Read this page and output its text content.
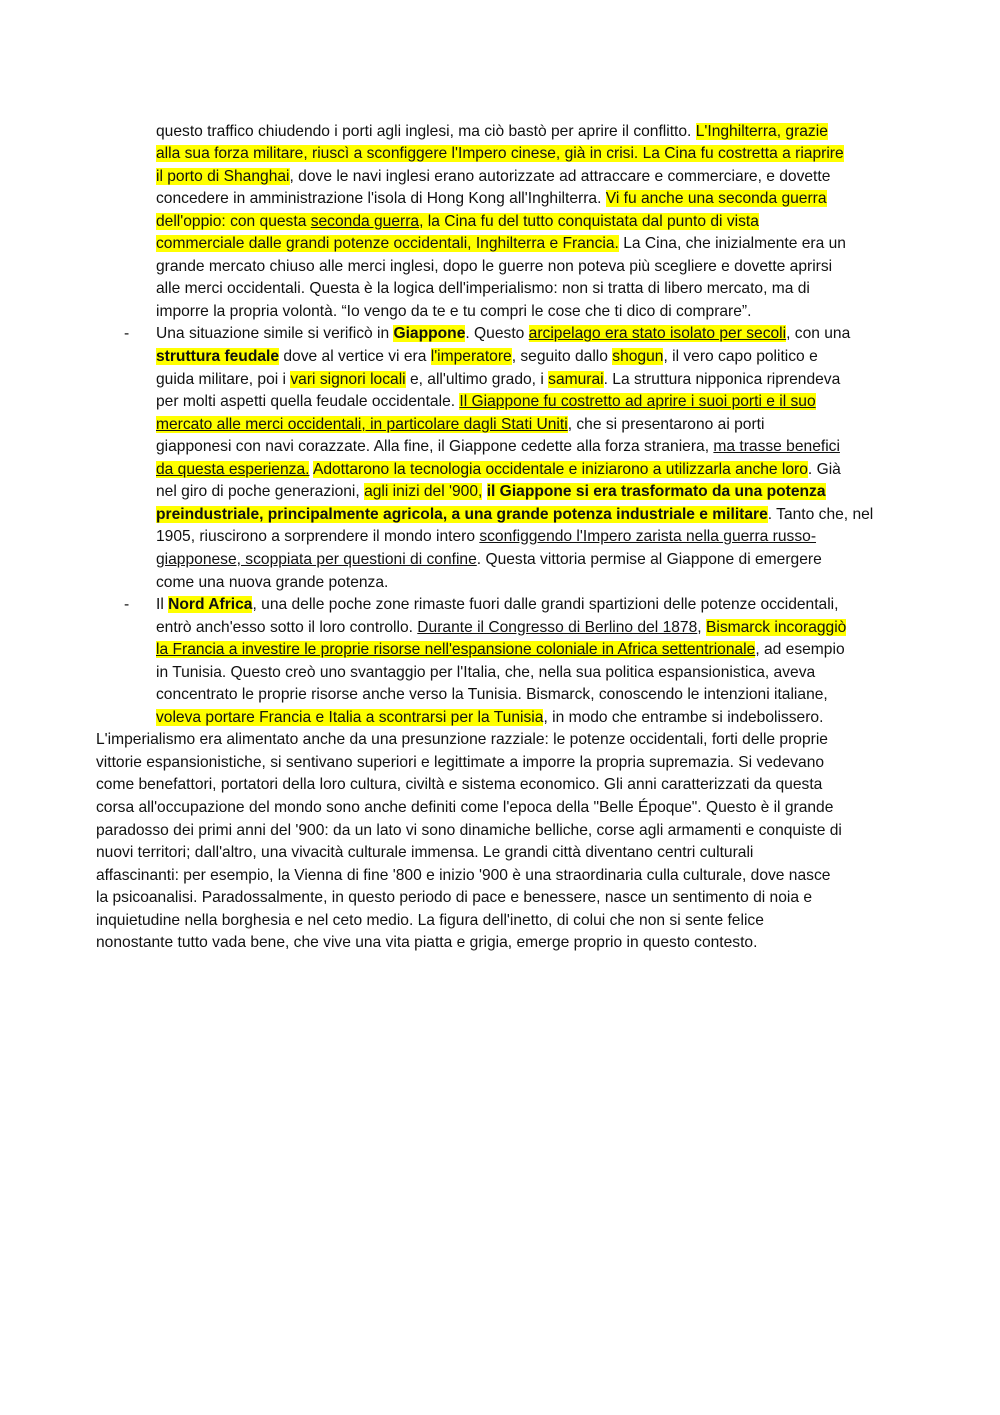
questo traffico chiudendo i porti agli inglesi, ma ciò bastò per aprire il conflitto. L'Inghilterra, grazie
alla sua forza militare, riuscì a sconfiggere l'Impero cinese, già in crisi. La Cina fu costretta a riaprire
il porto di Shanghai, dove le navi inglesi erano autorizzate ad attraccare e commerciare, e dovette
concedere in amministrazione l'isola di Hong Kong all'Inghilterra. Vi fu anche una seconda guerra
dell'oppio: con questa seconda guerra, la Cina fu del tutto conquistata dal punto di vista
commerciale dalle grandi potenze occidentali, Inghilterra e Francia. La Cina, che inizialmente era un
grande mercato chiuso alle merci inglesi, dopo le guerre non poteva più scegliere e dovette aprirsi
alle merci occidentali. Questa è la logica dell'imperialismo: non si tratta di libero mercato, ma di
imporre la propria volontà. “Io vengo da te e tu compri le cose che ti dico di comprare”.
Una situazione simile si verificò in Giappone. Questo arcipelago era stato isolato per secoli, con una
struttura feudale dove al vertice vi era l'imperatore, seguito dallo shogun, il vero capo politico e
guida militare, poi i vari signori locali e, all'ultimo grado, i samurai. La struttura nipponica riprendeva
per molti aspetti quella feudale occidentale. Il Giappone fu costretto ad aprire i suoi porti e il suo
mercato alle merci occidentali, in particolare dagli Stati Uniti, che si presentarono ai porti
giapponesi con navi corazzate. Alla fine, il Giappone cedette alla forza straniera, ma trasse benefici
da questa esperienza. Adottarono la tecnologia occidentale e iniziarono a utilizzarla anche loro. Già
nel giro di poche generazioni, agli inizi del '900, il Giappone si era trasformato da una potenza
preindustriale, principalmente agricola, a una grande potenza industriale e militare. Tanto che, nel
1905, riuscirono a sorprendere il mondo intero sconfiggendo l'Impero zarista nella guerra russo-
giapponese, scoppiata per questioni di confine. Questa vittoria permise al Giappone di emergere
come una nuova grande potenza.
Il Nord Africa, una delle poche zone rimaste fuori dalle grandi spartizioni delle potenze occidentali,
entrò anch'esso sotto il loro controllo. Durante il Congresso di Berlino del 1878, Bismarck incoraggiò
la Francia a investire le proprie risorse nell'espansione coloniale in Africa settentrionale, ad esempio
in Tunisia. Questo creò uno svantaggio per l'Italia, che, nella sua politica espansionistica, aveva
concentrato le proprie risorse anche verso la Tunisia. Bismarck, conoscendo le intenzioni italiane,
voleva portare Francia e Italia a scontrarsi per la Tunisia, in modo che entrambe si indebolissero.
L'imperialismo era alimentato anche da una presunzione razziale: le potenze occidentali, forti delle proprie
vittorie espansionistiche, si sentivano superiori e legittimate a imporre la propria supremazia. Si vedevano
come benefattori, portatori della loro cultura, civiltà e sistema economico. Gli anni caratterizzati da questa
corsa all'occupazione del mondo sono anche definiti come l'epoca della "Belle Époque". Questo è il grande
paradosso dei primi anni del '900: da un lato vi sono dinamiche belliche, corse agli armamenti e conquiste di
nuovi territori; dall'altro, una vivacità culturale immensa. Le grandi città diventano centri culturali
affascinanti: per esempio, la Vienna di fine '800 e inizio '900 è una straordinaria culla culturale, dove nasce
la psicoanalisi. Paradossalmente, in questo periodo di pace e benessere, nasce un sentimento di noia e
inquietudine nella borghesia e nel ceto medio. La figura dell'inetto, di colui che non si sente felice
nonostante tutto vada bene, che vive una vita piatta e grigia, emerge proprio in questo contesto.
-
-
